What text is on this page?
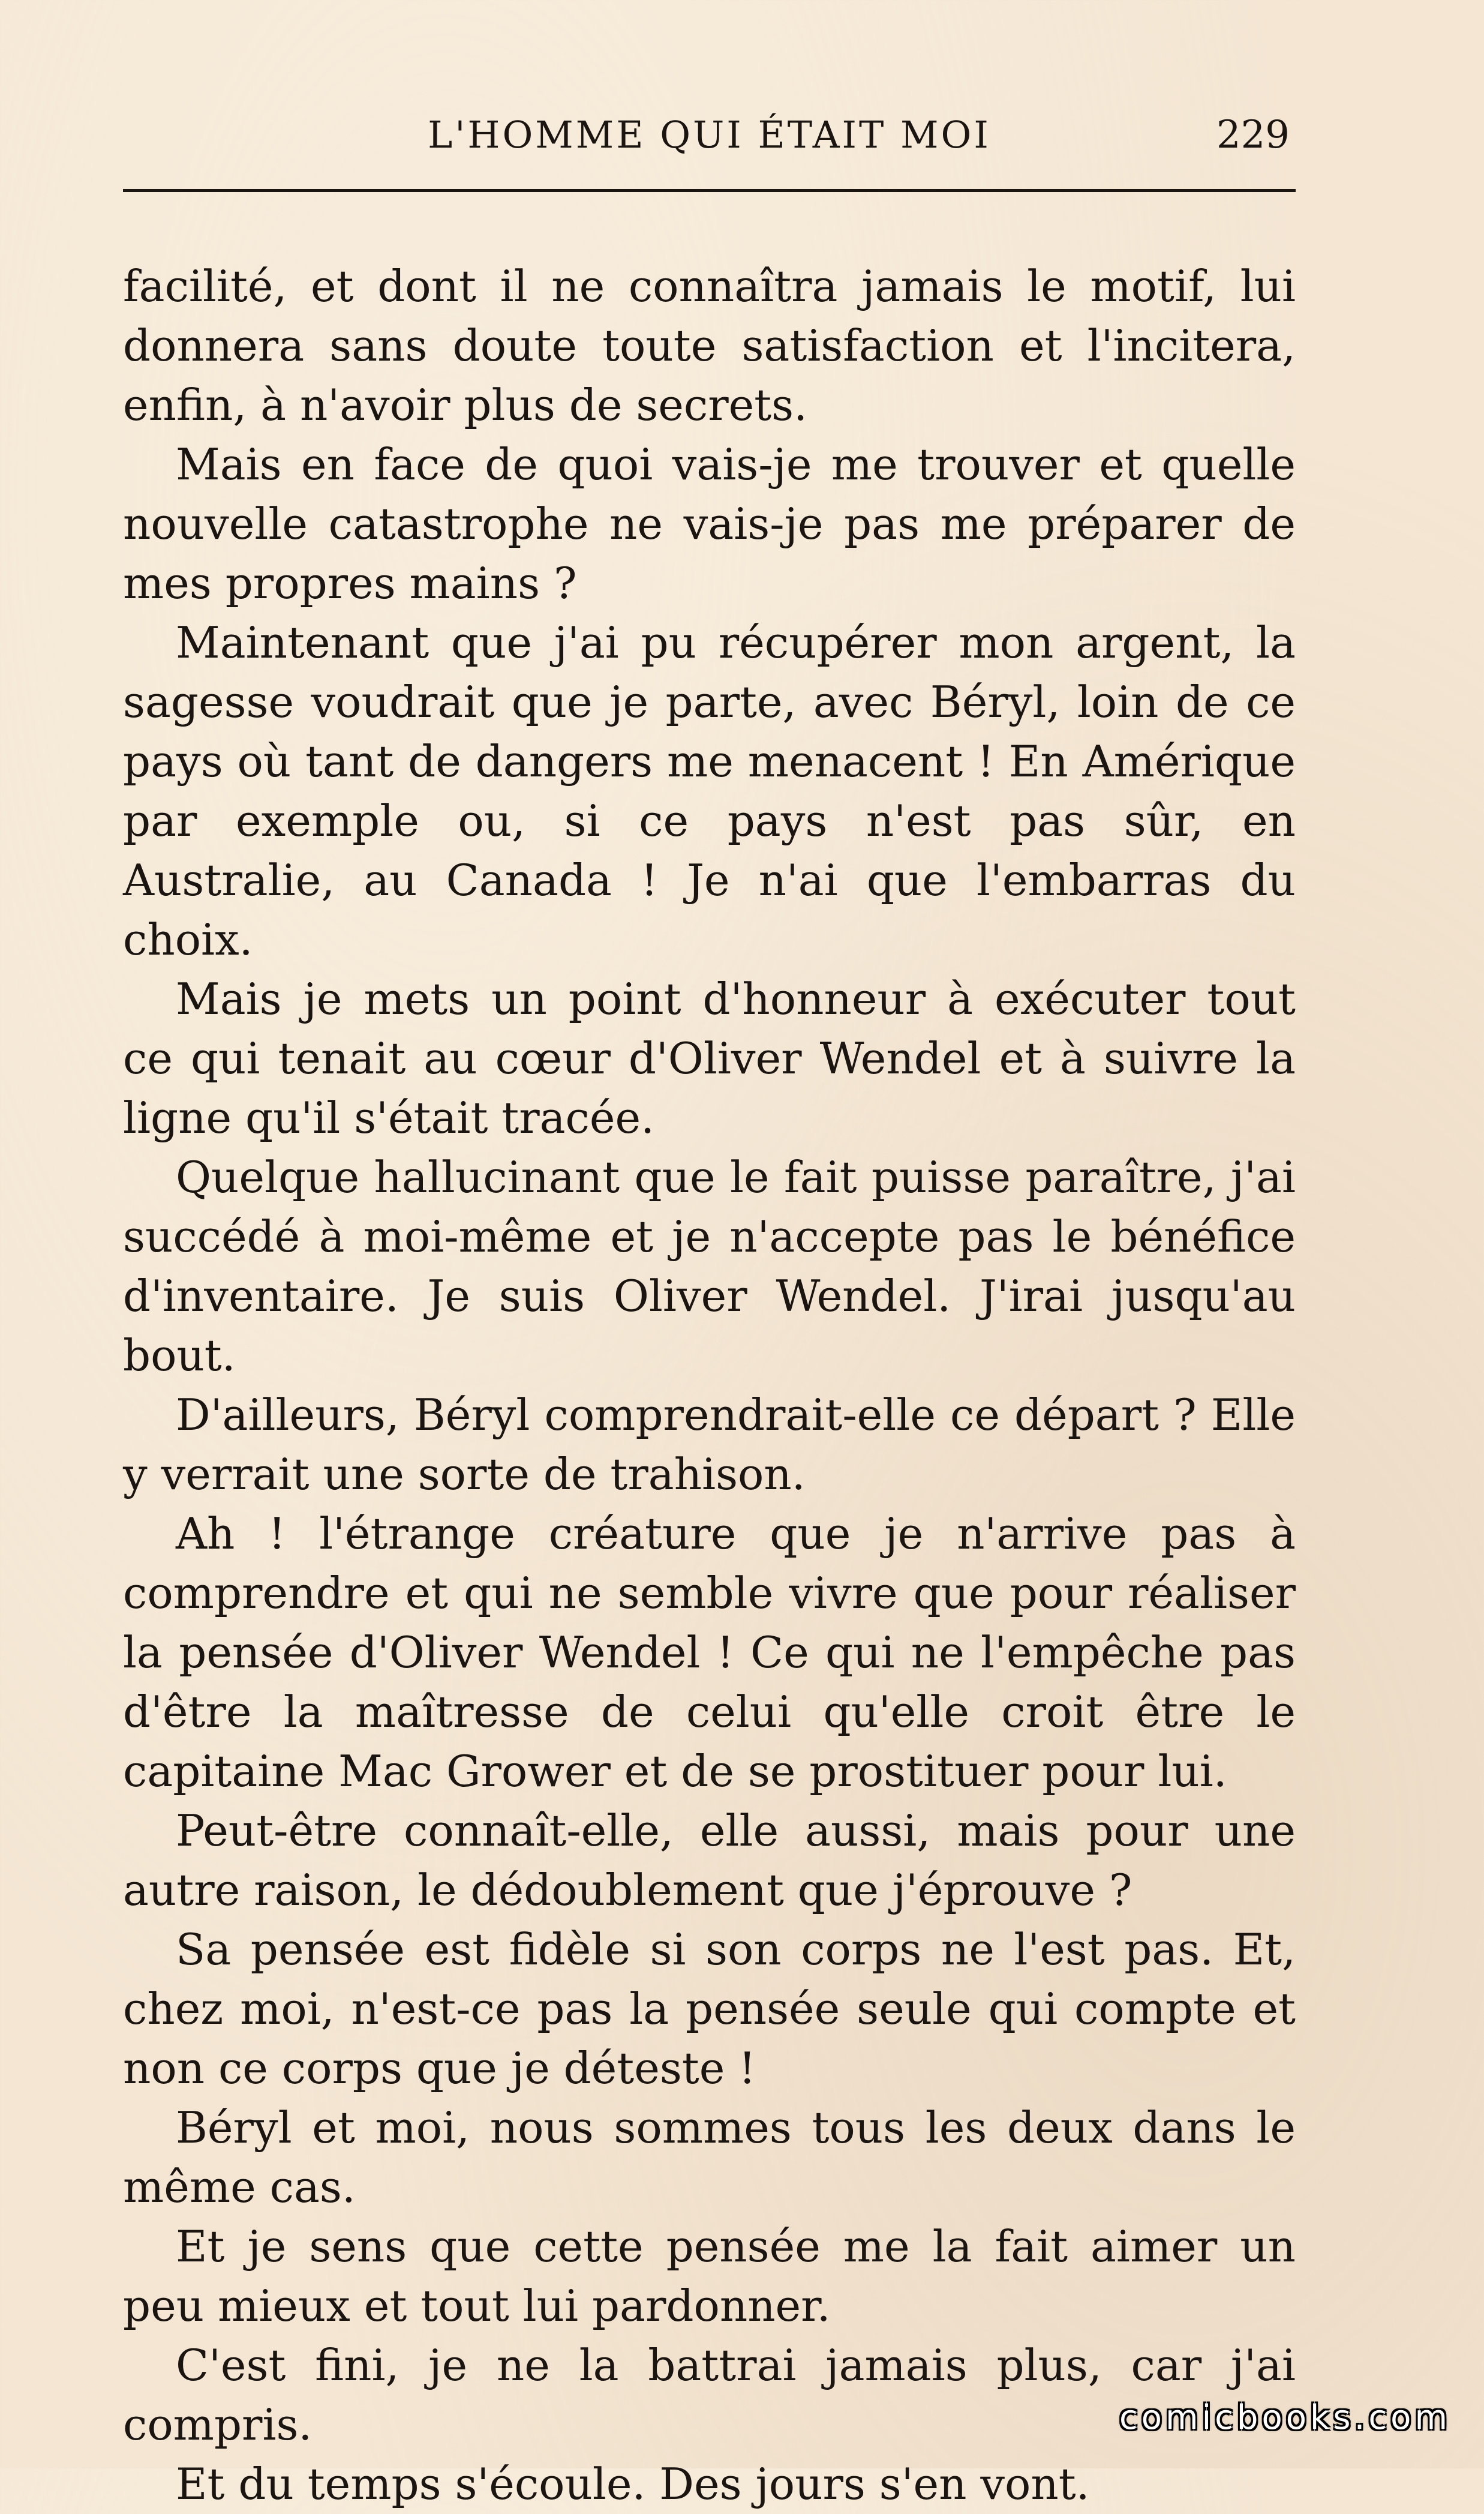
L'HOMME QUI ÉTAIT MOI	229

facilité, et dont il ne connaîtra jamais le motif, lui donnera sans doute toute satisfaction et l'incitera, enfin, à n'avoir plus de secrets.

Mais en face de quoi vais-je me trouver et quelle nouvelle catastrophe ne vais-je pas me préparer de mes propres mains ?

Maintenant que j'ai pu récupérer mon argent, la sagesse voudrait que je parte, avec Béryl, loin de ce pays où tant de dangers me menacent ! En Amérique par exemple ou, si ce pays n'est pas sûr, en Australie, au Canada ! Je n'ai que l'embarras du choix.

Mais je mets un point d'honneur à exécuter tout ce qui tenait au cœur d'Oliver Wendel et à suivre la ligne qu'il s'était tracée.

Quelque hallucinant que le fait puisse paraître, j'ai succédé à moi-même et je n'accepte pas le bénéfice d'inventaire. Je suis Oliver Wendel. J'irai jusqu'au bout.

D'ailleurs, Béryl comprendrait-elle ce départ ? Elle y verrait une sorte de trahison.

Ah ! l'étrange créature que je n'arrive pas à comprendre et qui ne semble vivre que pour réaliser la pensée d'Oliver Wendel ! Ce qui ne l'empêche pas d'être la maîtresse de celui qu'elle croit être le capitaine Mac Grower et de se prostituer pour lui.

Peut-être connaît-elle, elle aussi, mais pour une autre raison, le dédoublement que j'éprouve ?

Sa pensée est fidèle si son corps ne l'est pas. Et, chez moi, n'est-ce pas la pensée seule qui compte et non ce corps que je déteste !

Béryl et moi, nous sommes tous les deux dans le même cas.

Et je sens que cette pensée me la fait aimer un peu mieux et tout lui pardonner.

C'est fini, je ne la battrai jamais plus, car j'ai compris.

Et du temps s'écoule. Des jours s'en vont.

comicbooks.com
